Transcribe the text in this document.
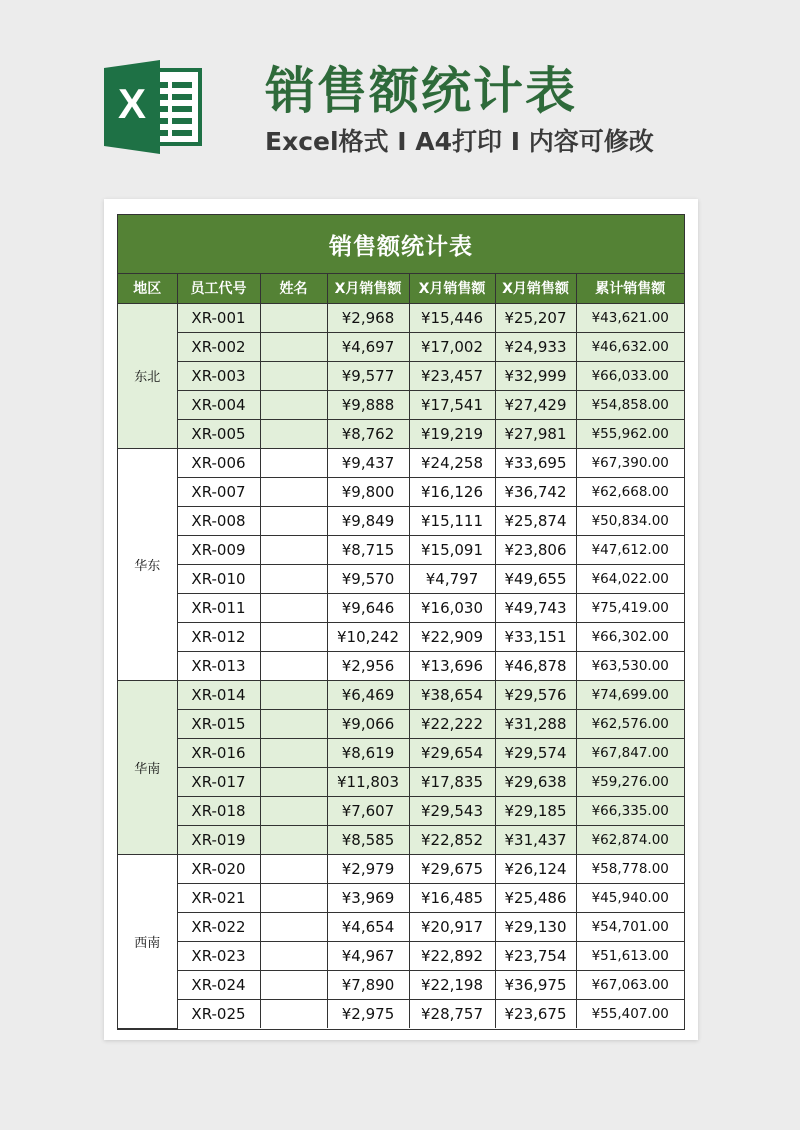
X 销售额统计表
Excel格式 I A4打印 I 内容可修改
销售额统计表
地区	员工代号	姓名	X月销售额	X月销售额	X月销售额	累计销售额
东北	XR-001		¥2,968	¥15,446	¥25,207	¥43,621.00
	XR-002		¥4,697	¥17,002	¥24,933	¥46,632.00
	XR-003		¥9,577	¥23,457	¥32,999	¥66,033.00
	XR-004		¥9,888	¥17,541	¥27,429	¥54,858.00
	XR-005		¥8,762	¥19,219	¥27,981	¥55,962.00
华东	XR-006		¥9,437	¥24,258	¥33,695	¥67,390.00
	XR-007		¥9,800	¥16,126	¥36,742	¥62,668.00
	XR-008		¥9,849	¥15,111	¥25,874	¥50,834.00
	XR-009		¥8,715	¥15,091	¥23,806	¥47,612.00
	XR-010		¥9,570	¥4,797	¥49,655	¥64,022.00
	XR-011		¥9,646	¥16,030	¥49,743	¥75,419.00
	XR-012		¥10,242	¥22,909	¥33,151	¥66,302.00
	XR-013		¥2,956	¥13,696	¥46,878	¥63,530.00
华南	XR-014		¥6,469	¥38,654	¥29,576	¥74,699.00
	XR-015		¥9,066	¥22,222	¥31,288	¥62,576.00
	XR-016		¥8,619	¥29,654	¥29,574	¥67,847.00
	XR-017		¥11,803	¥17,835	¥29,638	¥59,276.00
	XR-018		¥7,607	¥29,543	¥29,185	¥66,335.00
	XR-019		¥8,585	¥22,852	¥31,437	¥62,874.00
西南	XR-020		¥2,979	¥29,675	¥26,124	¥58,778.00
	XR-021		¥3,969	¥16,485	¥25,486	¥45,940.00
	XR-022		¥4,654	¥20,917	¥29,130	¥54,701.00
	XR-023		¥4,967	¥22,892	¥23,754	¥51,613.00
	XR-024		¥7,890	¥22,198	¥36,975	¥67,063.00
	XR-025		¥2,975	¥28,757	¥23,675	¥55,407.00
